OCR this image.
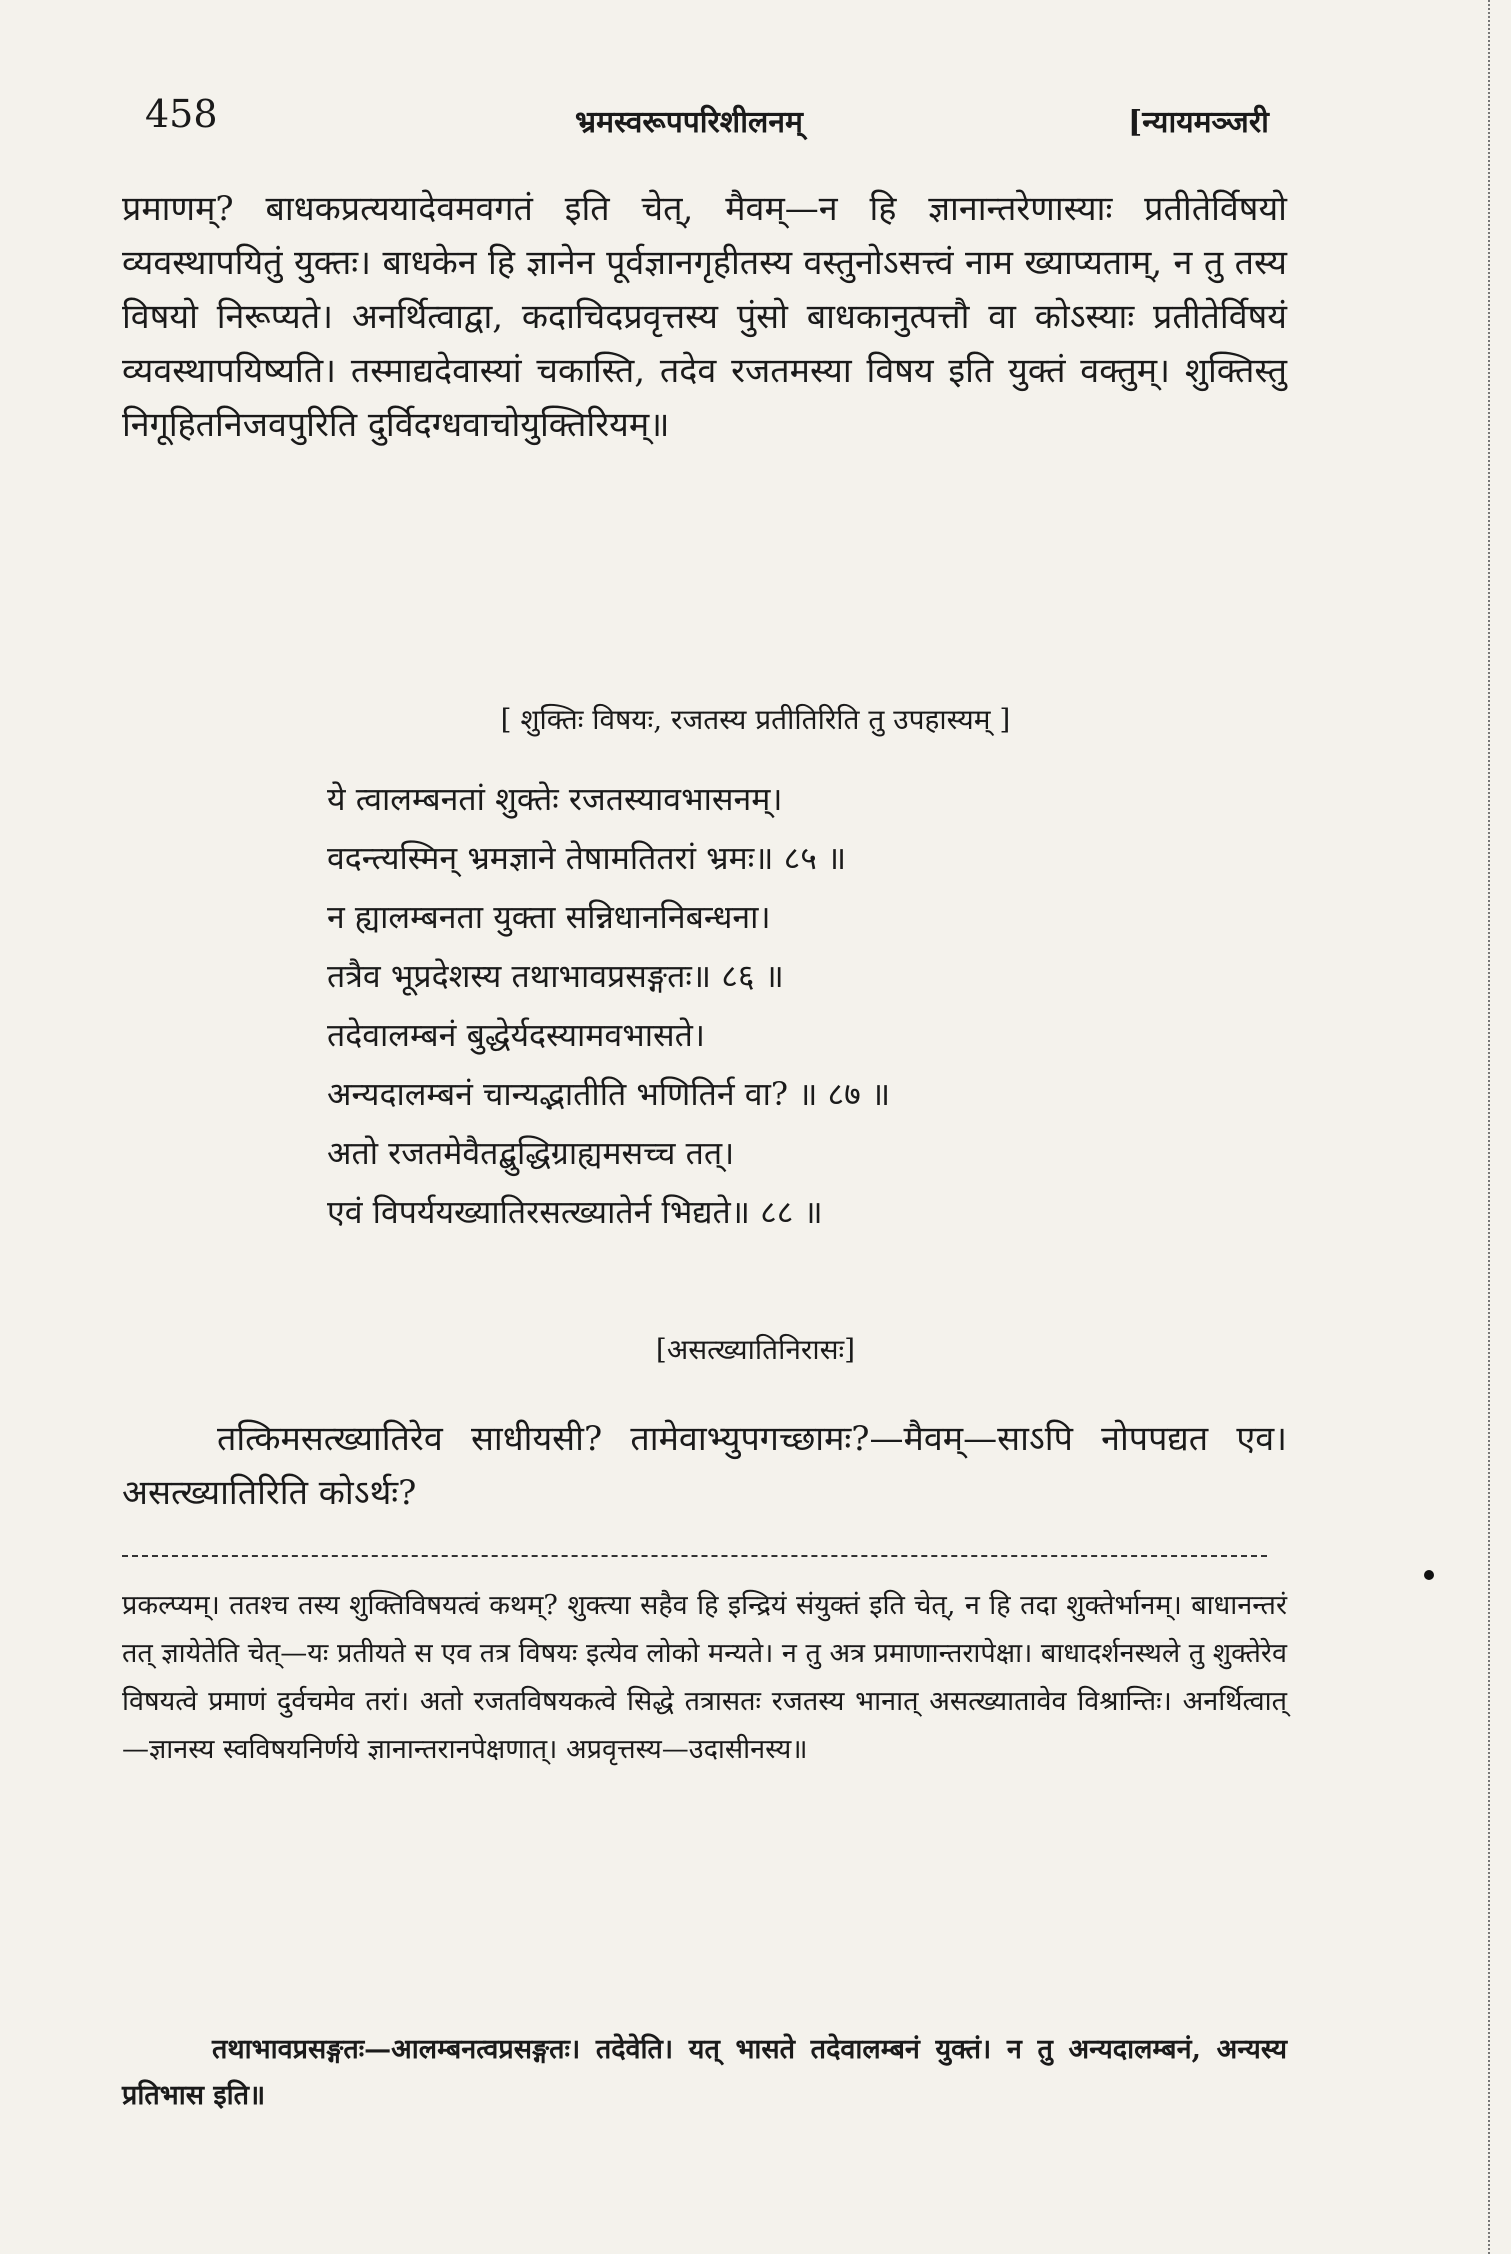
458	भ्रमस्वरूपपरिशीलनम्	[न्यायमञ्जरी
प्रमाणम्? बाधकप्रत्ययादेवमवगतं इति चेत्, मैवम्—न हि ज्ञानान्तरेणास्याः प्रतीतेर्विषयो व्यवस्थापयितुं युक्तः। बाधकेन हि ज्ञानेन पूर्वज्ञानगृहीतस्य वस्तुनोऽसत्त्वं नाम ख्याप्यताम्, न तु तस्य विषयो निरूप्यते। अनर्थित्वाद्वा, कदाचिदप्रवृत्तस्य पुंसो बाधकानुत्पत्तौ वा कोऽस्याः प्रतीतेर्विषयं व्यवस्थापयिष्यति। तस्माद्यदेवास्यां चकास्ति, तदेव रजतमस्या विषय इति युक्तं वक्तुम्। शुक्तिस्तु निगूहितनिजवपुरिति दुर्विदग्धवाचोयुक्तिरियम्॥
[ शुक्तिः विषयः, रजतस्य प्रतीतिरिति तु उपहास्यम् ]
ये त्वालम्बनतां शुक्तेः रजतस्यावभासनम्।
वदन्त्यस्मिन् भ्रमज्ञाने तेषामतितरां भ्रमः॥ ८५ ॥
न ह्यालम्बनता युक्ता सन्निधाननिबन्धना।
तत्रैव भूप्रदेशस्य तथाभावप्रसङ्गतः॥ ८६ ॥
तदेवालम्बनं बुद्धेर्यदस्यामवभासते।
अन्यदालम्बनं चान्यद्भातीति भणितिर्न वा? ॥ ८७ ॥
अतो रजतमेवैतद्बुद्धिग्राह्यमसच्च तत्।
एवं विपर्ययख्यातिरसत्ख्यातेर्न भिद्यते॥ ८८ ॥
[असत्ख्यातिनिरासः]
तत्किमसत्ख्यातिरेव साधीयसी? तामेवाभ्युपगच्छामः?—मैवम्—साऽपि नोपपद्यत एव। असत्ख्यातिरिति कोऽर्थः?
प्रकल्प्यम्। ततश्च तस्य शुक्तिविषयत्वं कथम्? शुक्त्या सहैव हि इन्द्रियं संयुक्तं इति चेत्, न हि तदा शुक्तेर्भानम्। बाधानन्तरं तत् ज्ञायेतेति चेत्—यः प्रतीयते स एव तत्र विषयः इत्येव लोको मन्यते। न तु अत्र प्रमाणान्तरापेक्षा। बाधादर्शनस्थले तु शुक्तेरेव विषयत्वे प्रमाणं दुर्वचमेव तरां। अतो रजतविषयकत्वे सिद्धे तत्रासतः रजतस्य भानात् असत्ख्यातावेव विश्रान्तिः। अनर्थित्वात्—ज्ञानस्य स्वविषयनिर्णये ज्ञानान्तरानपेक्षणात्। अप्रवृत्तस्य—उदासीनस्य॥
तथाभावप्रसङ्गतः—आलम्बनत्वप्रसङ्गतः। तदेवेति। यत् भासते तदेवालम्बनं युक्तं। न तु अन्यदालम्बनं, अन्यस्य प्रतिभास इति॥
